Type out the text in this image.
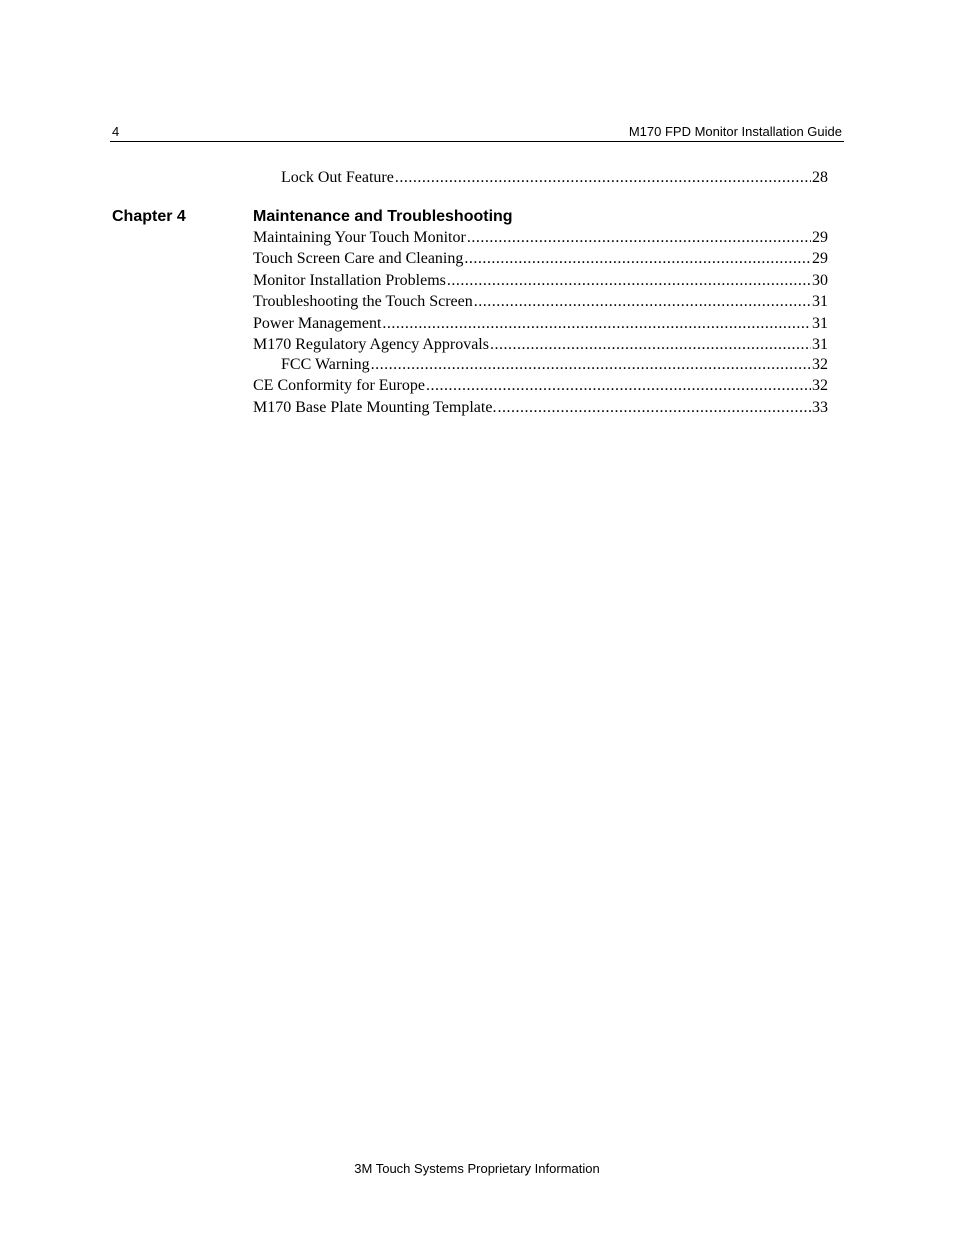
4	M170 FPD Monitor Installation Guide
Lock Out Feature .....	28
Chapter 4	Maintenance and Troubleshooting
Maintaining Your Touch Monitor .....	29
Touch Screen Care and Cleaning .....	29
Monitor Installation Problems .....	30
Troubleshooting the Touch Screen .....	31
Power Management .....	31
M170 Regulatory Agency Approvals .....	31
FCC Warning .....	32
CE Conformity for Europe .....	32
M170 Base Plate Mounting Template. .....	33
3M Touch Systems Proprietary Information
